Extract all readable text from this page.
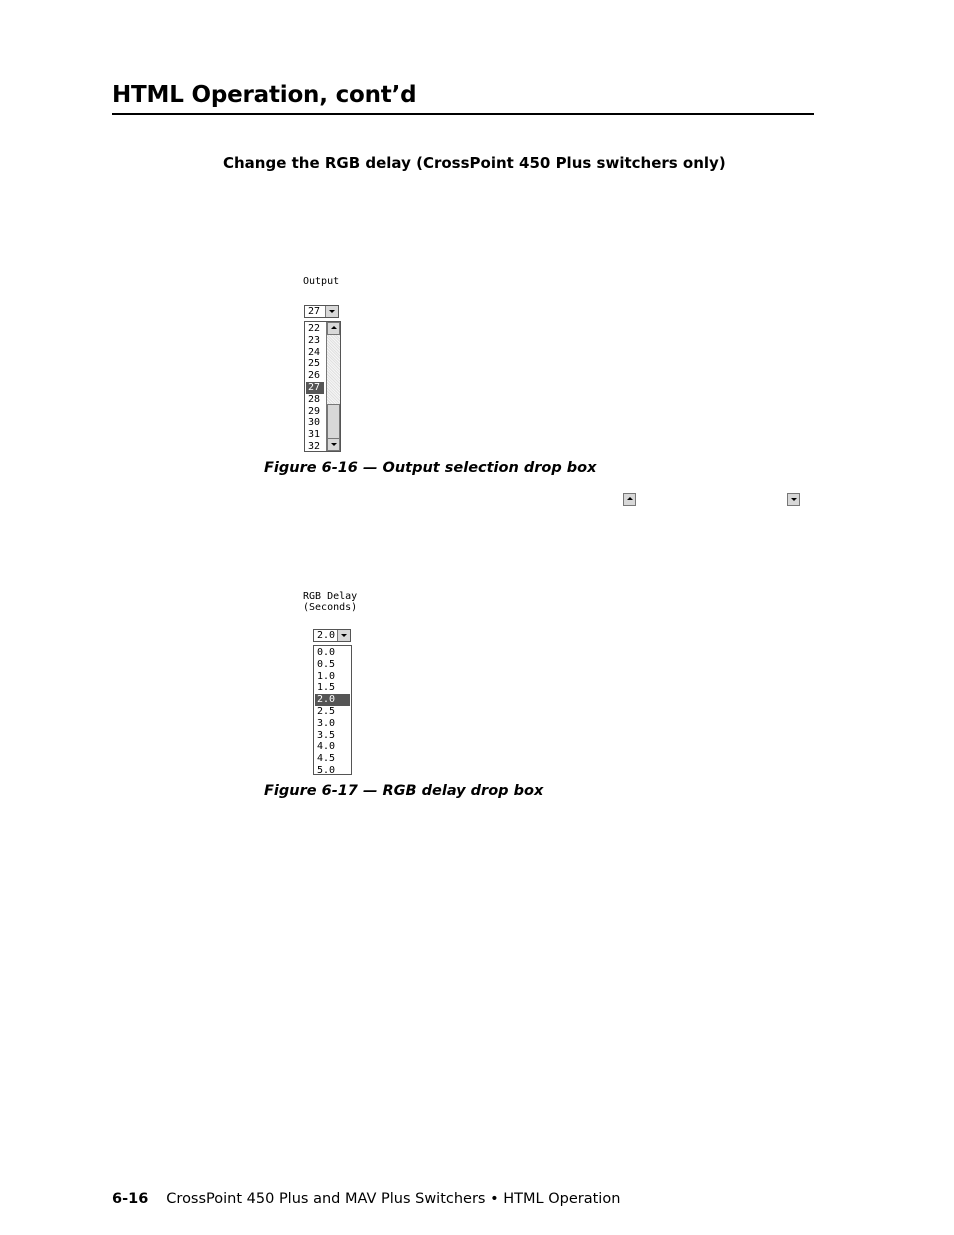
HTML Operation, cont’d
Change the RGB delay (CrossPoint 450 Plus switchers only)
Output
27
22
23
24
25
26
27
28
29
30
31
32
Figure 6-16 — Output selection drop box
RGB Delay
(Seconds)
2.0
0.0
0.5
1.0
1.5
2.0
2.5
3.0
3.5
4.0
4.5
5.0
Figure 6-17 — RGB delay drop box
6-16 CrossPoint 450 Plus and MAV Plus Switchers • HTML Operation
